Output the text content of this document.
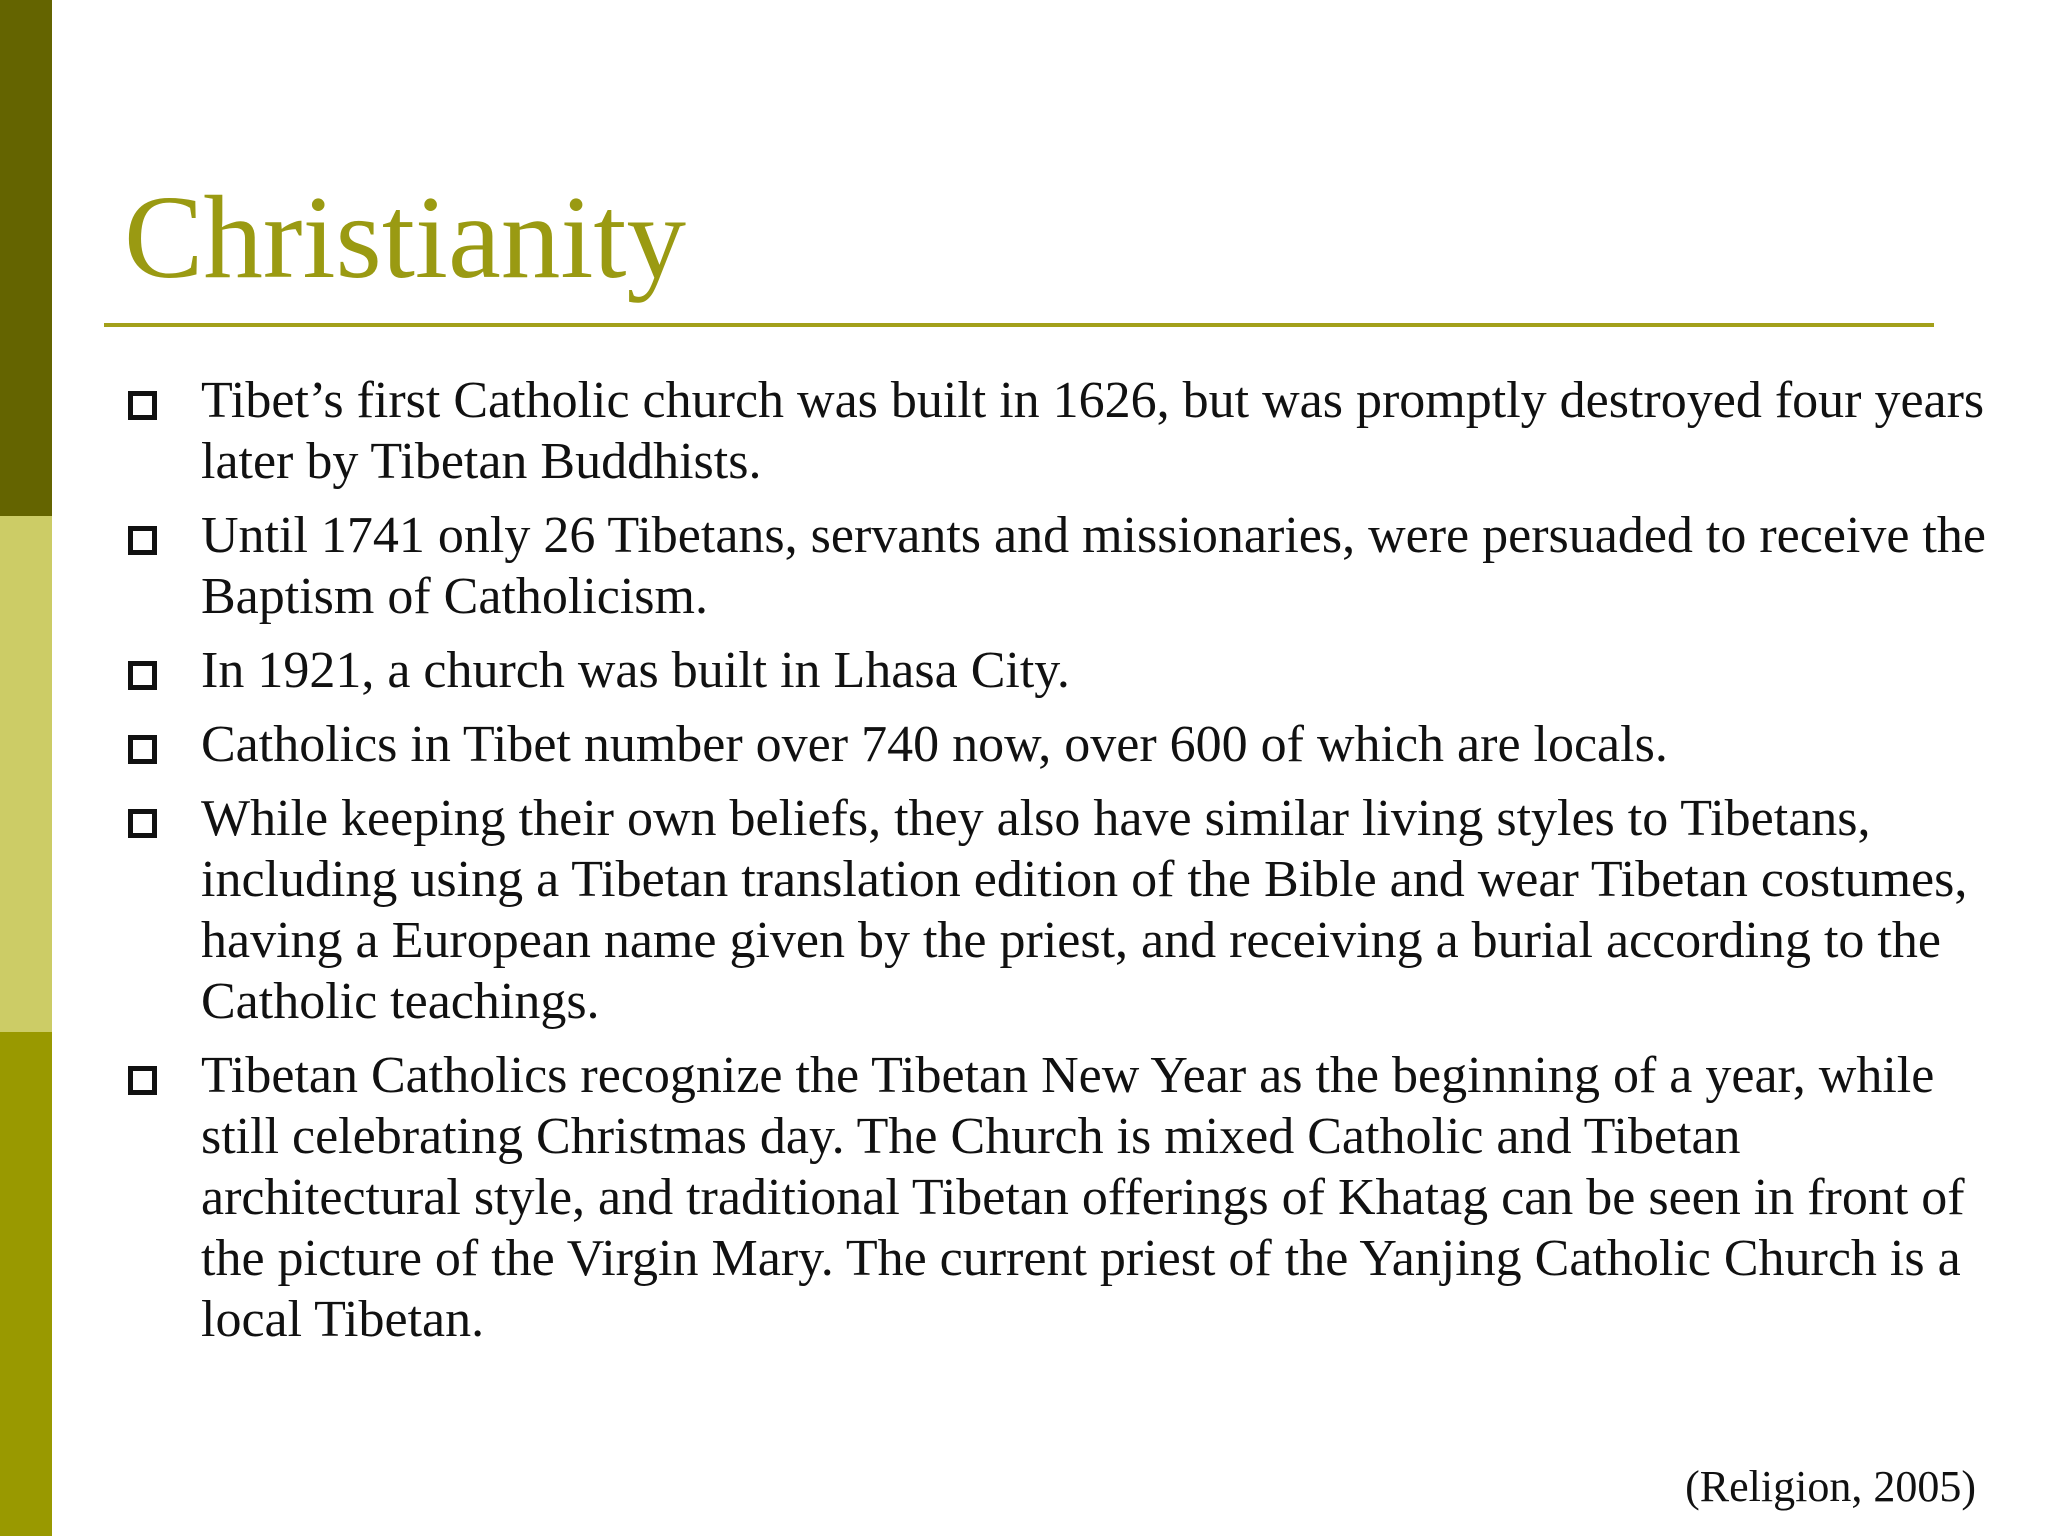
Christianity
Tibet’s first Catholic church was built in 1626, but was promptly destroyed four years later by Tibetan Buddhists.
Until 1741 only 26 Tibetans, servants and missionaries, were persuaded to receive the Baptism of Catholicism.
In 1921, a church was built in Lhasa City.
Catholics in Tibet number over 740 now, over 600 of which are locals.
While keeping their own beliefs, they also have similar living styles to Tibetans, including using a Tibetan translation edition of the Bible and wear Tibetan costumes, having a European name given by the priest, and receiving a burial according to the Catholic teachings.
Tibetan Catholics recognize the Tibetan New Year as the beginning of a year, while still celebrating Christmas day. The Church is mixed Catholic and Tibetan architectural style, and traditional Tibetan offerings of Khatag can be seen in front of the picture of the Virgin Mary. The current priest of the Yanjing Catholic Church is a local Tibetan.
(Religion, 2005)
